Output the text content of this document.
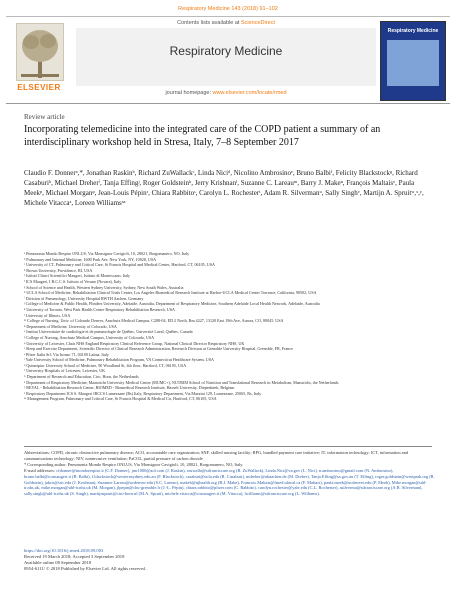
Respiratory Medicine 143 (2018) 91–102
ELSEVIER
Contents lists available at ScienceDirect
Respiratory Medicine
journal homepage: www.elsevier.com/locate/rmed
Respiratory Medicine
Review article
Incorporating telemedicine into the integrated care of the COPD patient a summary of an interdisciplinary workshop held in Stresa, Italy, 7–8 September 2017
Claudio F. Donnerᵃ,*, Jonathan Raskinᵇ, Richard ZuWallackᶜ, Linda Niciᵈ, Nicolino Ambrosinoᵉ, Bruno Balbiᶠ, Felicity Blackstockᵍ, Richard Casaburiʰ, Michael Dreherⁱ, Tanja Effingʲ, Roger Goldsteinᵏ, Jerry Krishnanˡ, Suzanne C. Lareauᵐ, Barry J. Makeⁿ, François Maltaisᵒ, Paula Meekᵖ, Michael Morganᵠ, Jean-Louis Pépinʳ, Chiara Rabbitoˢ, Carolyn L. Rochesterᵗ, Adam R. Silvermanᵘ, Sally Singhᵛ, Martijn A. Spruitʷ,ˣ,ʸ, Michele Vitaccaᶻ, Loreen Williamsᵃᵃ
ᵃ Pneumonia Mondo Respiro ONLUS, Via Monsignor Cavigioli, 10, 28021, Borgomanero, NO, Italy
ᵇ Pulmonary and Internal Medicine, 1600 Park Ave, New York, NY, 10028, USA
ᶜ University of CT, Pulmonary and Critical Care, St Francis Hospital and Medical Center, Hartford, CT, 06105, USA
ᵈ Brown University, Providence, RI, USA
ᵉ Istituti Clinici Scientifici Maugeri, Istituto di Montescano, Italy
ᶠ ICS Maugeri, I.R.C.C.S. Istituto of Veruno (Novara), Italy
ᵍ School of Science and Health, Western Sydney University, Sydney, New South Wales, Australia
ʰ UCLA School of Medicine, Rehabilitation Clinical Trials Center, Los Angeles Biomedical Research Institute at Harbor-UCLA Medical Center Torrance, California, 90502, USA
ⁱ Division of Pneumology, University Hospital RWTH Aachen, Germany
ʲ College of Medicine & Public Health, Flinders University, Adelaide, Australia, Department of Respiratory Medicine, Southern Adelaide Local Health Network, Adelaide, Australia
ᵏ University of Toronto, West Park Health Centre Respiratory Rehabilitation Research, USA
ˡ University of Illinois, USA
ᵐ College of Nursing, Univ. of Colorado Denver, Anschutz Medical Campus, C288-04, ED 2 North, Rm 4227, 13120 East 19th Ave, Aurora, CO, 80045, USA
ⁿ Department of Medicine, University of Colorado, USA
ᵒ Institut Universitaire de cardiologie et de pneumologie de Québec, Université Laval, Québec, Canada
ᵖ College of Nursing, Anschutz Medical Campus, University of Colorado, USA
ᵠ University of Leicester, Chair NHS England Respiratory Clinical Reference Group, National Clinical Director Respiratory NHS, UK
ʳ Sleep and Exercise Department, Scientific Director of Clinical Research Administration, Research Division at Grenoble University Hospital, Grenoble, FR, France
ˢ Pfizer Italia Srl, Via Isonzo 71, 04100 Latina, Italy
ᵗ Yale University School of Medicine, Pulmonary Rehabilitation Program, VA Connecticut Healthcare System, USA
ᵘ Quinnipiac University School of Medicine, 90 Woodland St, 4th floor, Hartford, CT, 06105, USA
ᵛ University Hospitals of Leicester, Leicester, UK
ʷ Department of Research and Education, Ciro, Horn, the Netherlands
ˣ Department of Respiratory Medicine, Maastricht University Medical Centre (MUMC+), NUTRIM School of Nutrition and Translational Research in Metabolism, Maastricht, the Netherlands
ʸ REVAL - Rehabilitation Research Center, BIOMED - Biomedical Research Institute, Hasselt University, Diepenbeek, Belgium
ᶻ Respiratory Department ICS S. Maugeri IRCCS Lumezzane (Bs) Italy, Respiratory Department, Via Mazzini 129, Lumezzane, 25065, Bs, Italy
ᵃᵃ Management Program, Pulmonary and Critical Care, St Francis Hospital & Medical Ctr, Hartford, CT, 06105, USA
Abbreviations: COPD, chronic obstructive pulmonary disease; ACO, accountable care organization; SNF, skilled nursing facility; RPG, bundled payment care initiative; IT, information technology; ICT, information and communications technology; NIV, noninvasive ventilation; PaCO2, partial pressure of carbon dioxide
* Corresponding author. Pneumonia Mondo Respiro ONLUS, Via Monsignor Cavigioli, 10, 28021, Borgomanero, NO, Italy.
E-mail addresses: cfdonner@mondorespiro.it (C.F. Donner), jmr1000@aol.com (J. Raskin), rzuwalla@stfranciscare.org (R. ZuWallack), Linda.Nici@va.gov (L. Nici), n.ambrosino@gmail.com (N. Ambrosino), bruno.balbi@icsmaugeri.it (B. Balbi), f.blackstock@westernsydney.edu.au (F. Blackstock), casaburi@ucla.edu (R. Casaburi), mdreher@ukaachen.de (M. Dreher), Tanja.Effing@sa.gov.au (T. Effing), roger.goldstein@westpark.org (R. Goldstein), jakris@uic.edu (J. Krishnan), Suzanne.Lareau@ucdenver.edu (S.C. Lareau), makeb@njhealth.org (B.J. Make), Francois.Maltais@fmed.ulaval.ca (F. Maltais), paula.meek@ucdenver.edu (P. Meek), Mike.morgan@uhl-tr.nhs.uk, mike.morgan@uhl-tr.nhs.uk (M. Morgan), jlpepin@chu-grenoble.fr (J.-L. Pépin), chiara.rabbito@pfizer.com (C. Rabbito), carolyn.rochester@yale.edu (C.L. Rochester), asilverma@stfranciscare.org (A.R. Silverman), sally.singh@uhl-tr.nhs.uk (S. Singh), martijnspruit@ciro-horn.nl (M.A. Spruit), michele.vitacca@icsmaugeri.it (M. Vitacca), lwilliams@stfranciscare.org (L. Williams).
https://doi.org/10.1016/j.rmed.2018.09.003
Received 19 March 2018; Accepted 3 September 2018
Available online 08 September 2018
0954-6111/ © 2018 Published by Elsevier Ltd. All rights reserved.
